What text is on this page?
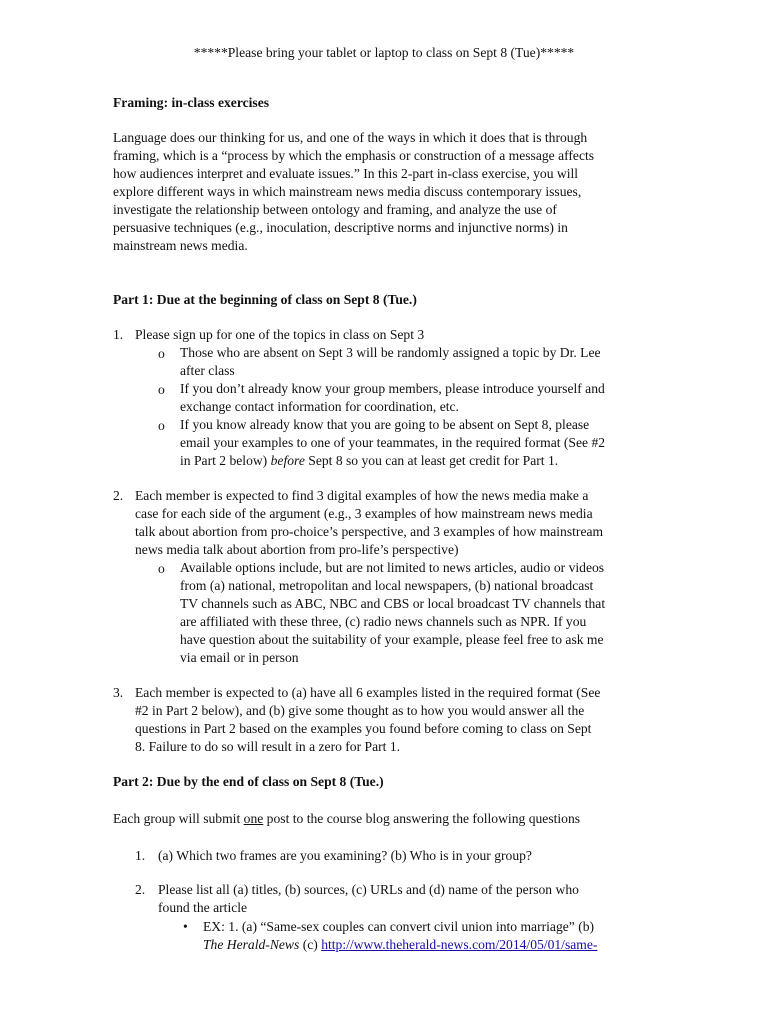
*****Please bring your tablet or laptop to class on Sept 8 (Tue)*****
Framing: in-class exercises
Language does our thinking for us, and one of the ways in which it does that is through
framing, which is a “process by which the emphasis or construction of a message affects
how audiences interpret and evaluate issues.” In this 2-part in-class exercise, you will
explore different ways in which mainstream news media discuss contemporary issues,
investigate the relationship between ontology and framing, and analyze the use of
persuasive techniques (e.g., inoculation, descriptive norms and injunctive norms) in
mainstream news media.
Part 1: Due at the beginning of class on Sept 8 (Tue.)
1. Please sign up for one of the topics in class on Sept 3
o Those who are absent on Sept 3 will be randomly assigned a topic by Dr. Lee
after class
o If you don’t already know your group members, please introduce yourself and
exchange contact information for coordination, etc.
o If you know already know that you are going to be absent on Sept 8, please
email your examples to one of your teammates, in the required format (See #2
in Part 2 below) before Sept 8 so you can at least get credit for Part 1.
2. Each member is expected to find 3 digital examples of how the news media make a
case for each side of the argument (e.g., 3 examples of how mainstream news media
talk about abortion from pro-choice’s perspective, and 3 examples of how mainstream
news media talk about abortion from pro-life’s perspective)
o Available options include, but are not limited to news articles, audio or videos
from (a) national, metropolitan and local newspapers, (b) national broadcast
TV channels such as ABC, NBC and CBS or local broadcast TV channels that
are affiliated with these three, (c) radio news channels such as NPR. If you
have question about the suitability of your example, please feel free to ask me
via email or in person
3. Each member is expected to (a) have all 6 examples listed in the required format (See
#2 in Part 2 below), and (b) give some thought as to how you would answer all the
questions in Part 2 based on the examples you found before coming to class on Sept
8. Failure to do so will result in a zero for Part 1.
Part 2: Due by the end of class on Sept 8 (Tue.)
Each group will submit one post to the course blog answering the following questions
1. (a) Which two frames are you examining? (b) Who is in your group?
2. Please list all (a) titles, (b) sources, (c) URLs and (d) name of the person who
found the article
• EX: 1. (a) “Same-sex couples can convert civil union into marriage” (b)
The Herald-News (c) http://www.theherald-news.com/2014/05/01/same-
